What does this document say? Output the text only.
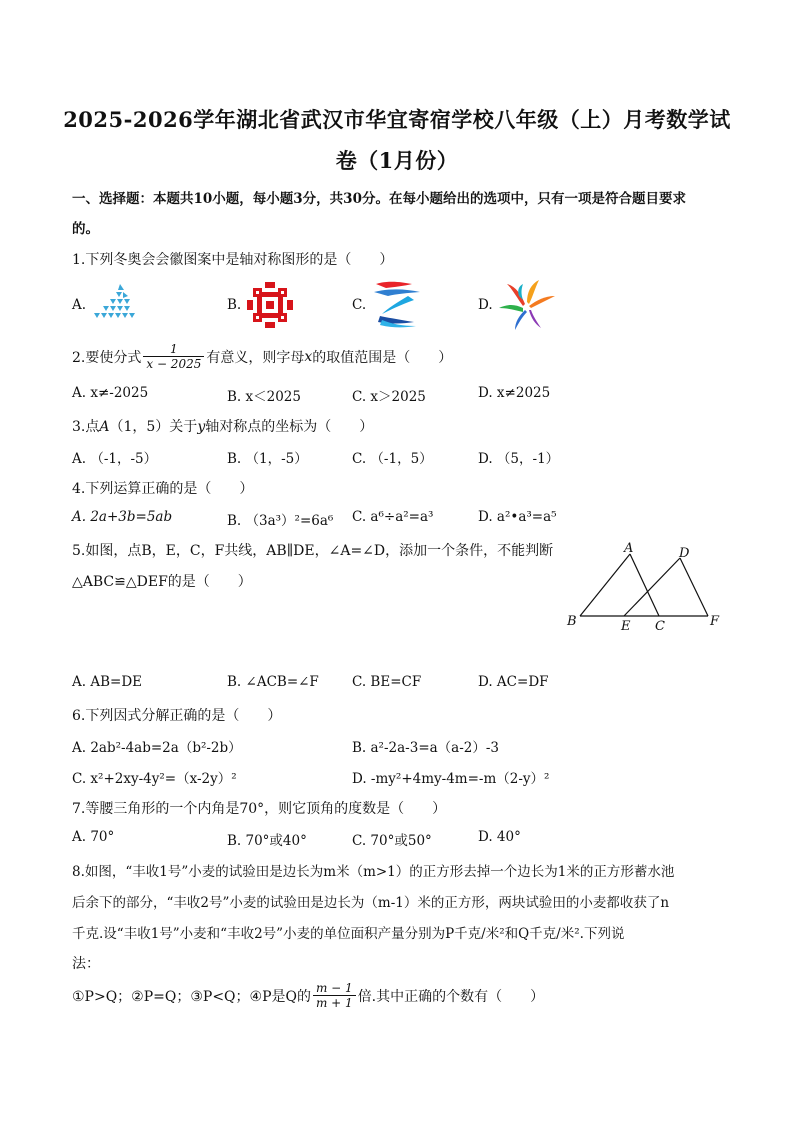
2025-2026学年湖北省武汉市华宜寄宿学校八年级（上）月考数学试
卷（1月份）
一、选择题：本题共10小题，每小题3分，共30分。在每小题给出的选项中，只有一项是符合题目要求
的。
1.下列冬奥会会徽图案中是轴对称图形的是（　　）
A.	B.	C.	D.
2.要使分式 $\frac{1}{x - 2025}$ 有意义，则字母 x 的取值范围是（　　）
A. x≠-2025	B. x＜2025	C. x＞2025	D. x≠2025
3.点A（1，5）关于y轴对称点的坐标为（　　）
A. （-1，-5）	B. （1，-5）	C. （-1，5）	D. （5，-1）
4.下列运算正确的是（　　）
A. 2a+3b=5ab	B. （3a³）²=6a⁶ C. a⁶÷a²=a³	D. a²•a³=a⁵
5.如图，点B，E，C，F共线，AB∥DE，∠A=∠D，添加一个条件，不能判断
△ABC≌△DEF的是（　　）
A	D
B	E C	F
A. AB=DE	B. ∠ACB=∠F C. BE=CF	D. AC=DF
6.下列因式分解正确的是（　　）
A. 2ab²-4ab=2a（b²-2b）	B. a²-2a-3=a（a-2）-3
C. x²+2xy-4y²=（x-2y）²	D. -my²+4my-4m=-m（2-y）²
7.等腰三角形的一个内角是70°，则它顶角的度数是（　　）
A. 70°	B. 70°或40°	C. 70°或50°	D. 40°
8.如图，“丰收1号”小麦的试验田是边长为m米（m>1）的正方形去掉一个边长为1米的正方形蓄水池
后余下的部分，“丰收2号”小麦的试验田是边长为（m-1）米的正方形，两块试验田的小麦都收获了n
千克.设“丰收1号”小麦和“丰收2号”小麦的单位面积产量分别为P千克/米²和Q千克/米².下列说
法：
①P>Q；②P=Q；③P<Q；④P是Q的 $\frac{m - 1}{m + 1}$ 倍.其中正确的个数有（　　）
